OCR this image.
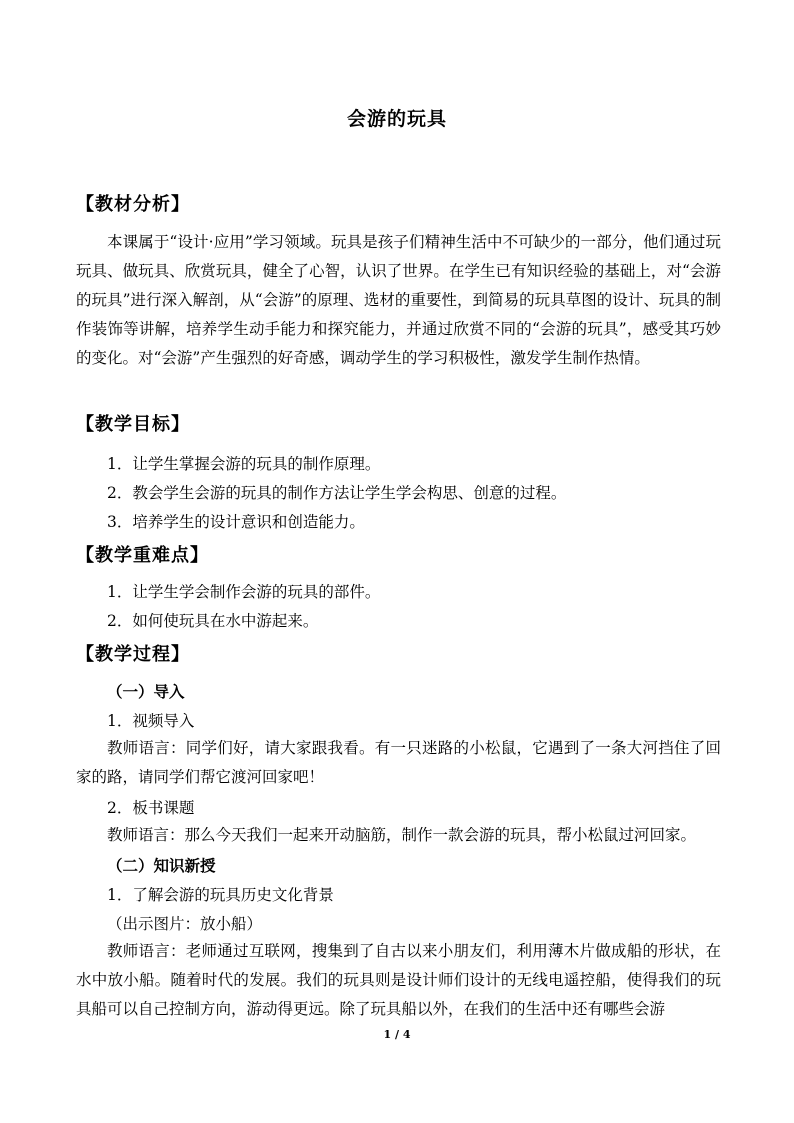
会游的玩具
【教材分析】
本课属于“设计·应用”学习领域。玩具是孩子们精神生活中不可缺少的一部分，他们通过玩玩具、做玩具、欣赏玩具，健全了心智，认识了世界。在学生已有知识经验的基础上，对“会游的玩具”进行深入解剖，从“会游”的原理、选材的重要性，到简易的玩具草图的设计、玩具的制作装饰等讲解，培养学生动手能力和探究能力，并通过欣赏不同的“会游的玩具”，感受其巧妙的变化。对“会游”产生强烈的好奇感，调动学生的学习积极性，激发学生制作热情。
【教学目标】
1．让学生掌握会游的玩具的制作原理。
2．教会学生会游的玩具的制作方法让学生学会构思、创意的过程。
3．培养学生的设计意识和创造能力。
【教学重难点】
1．让学生学会制作会游的玩具的部件。
2．如何使玩具在水中游起来。
【教学过程】
（一）导入
1．视频导入
教师语言：同学们好，请大家跟我看。有一只迷路的小松鼠，它遇到了一条大河挡住了回家的路，请同学们帮它渡河回家吧！
2．板书课题
教师语言：那么今天我们一起来开动脑筋，制作一款会游的玩具，帮小松鼠过河回家。
（二）知识新授
1．了解会游的玩具历史文化背景
（出示图片：放小船）
教师语言：老师通过互联网，搜集到了自古以来小朋友们，利用薄木片做成船的形状，在水中放小船。随着时代的发展。我们的玩具则是设计师们设计的无线电遥控船，使得我们的玩具船可以自己控制方向，游动得更远。除了玩具船以外，在我们的生活中还有哪些会游
1 / 4
